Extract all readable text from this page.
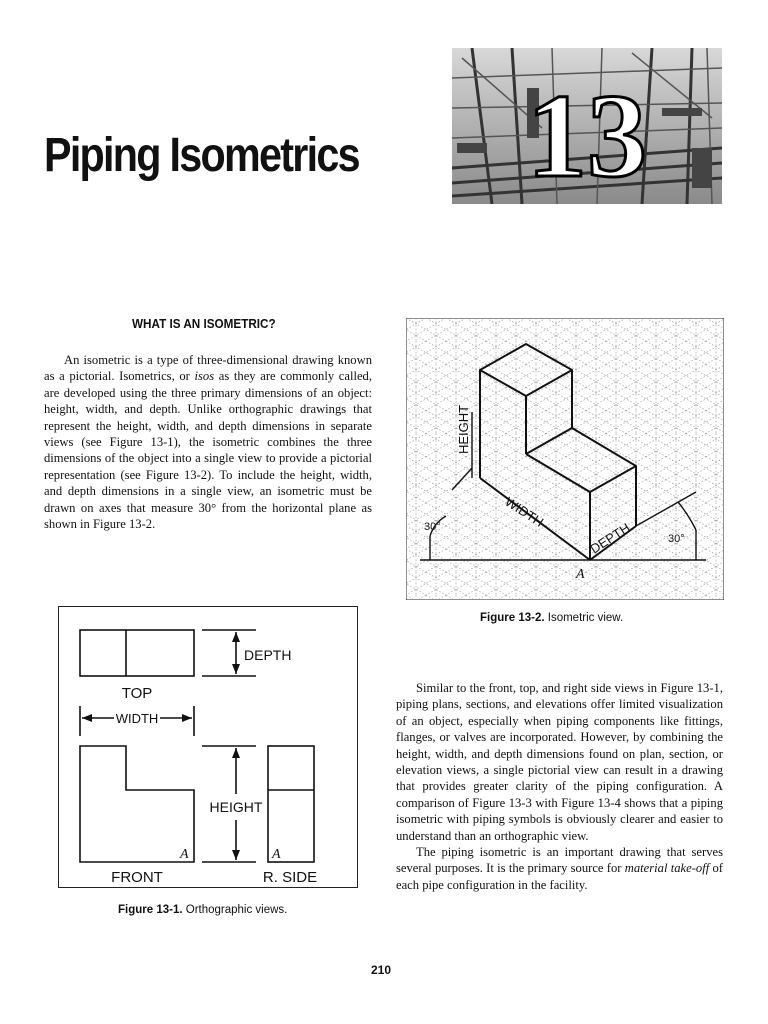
Piping Isometrics 13
WHAT IS AN ISOMETRIC?

An isometric is a type of three-dimensional drawing known as a pictorial. Isometrics, or isos as they are commonly called, are developed using the three primary dimensions of an object: height, width, and depth. Unlike orthographic drawings that represent the height, width, and depth dimensions in separate views (see Figure 13-1), the isometric combines the three dimensions of the object into a single view to provide a pictorial representation (see Figure 13-2). To include the height, width, and depth dimensions in a single view, an isometric must be drawn on axes that measure 30° from the horizontal plane as shown in Figure 13-2.

HEIGHT
WIDTH
DEPTH
30°
30°
A
Figure 13-2. Isometric view.
DEPTH
TOP
WIDTH
HEIGHT
FRONT	R. SIDE
A	A
Figure 13-1. Orthographic views.

Similar to the front, top, and right side views in Figure 13-1, piping plans, sections, and elevations offer limited visualization of an object, especially when piping components like fittings, flanges, or valves are incorporated. However, by combining the height, width, and depth dimensions found on plan, section, or elevation views, a single pictorial view can result in a drawing that provides greater clarity of the piping configuration. A comparison of Figure 13-3 with Figure 13-4 shows that a piping isometric with piping symbols is obviously clearer and easier to understand than an orthographic view.

The piping isometric is an important drawing that serves several purposes. It is the primary source for material take-off of each pipe configuration in the facility.

210
